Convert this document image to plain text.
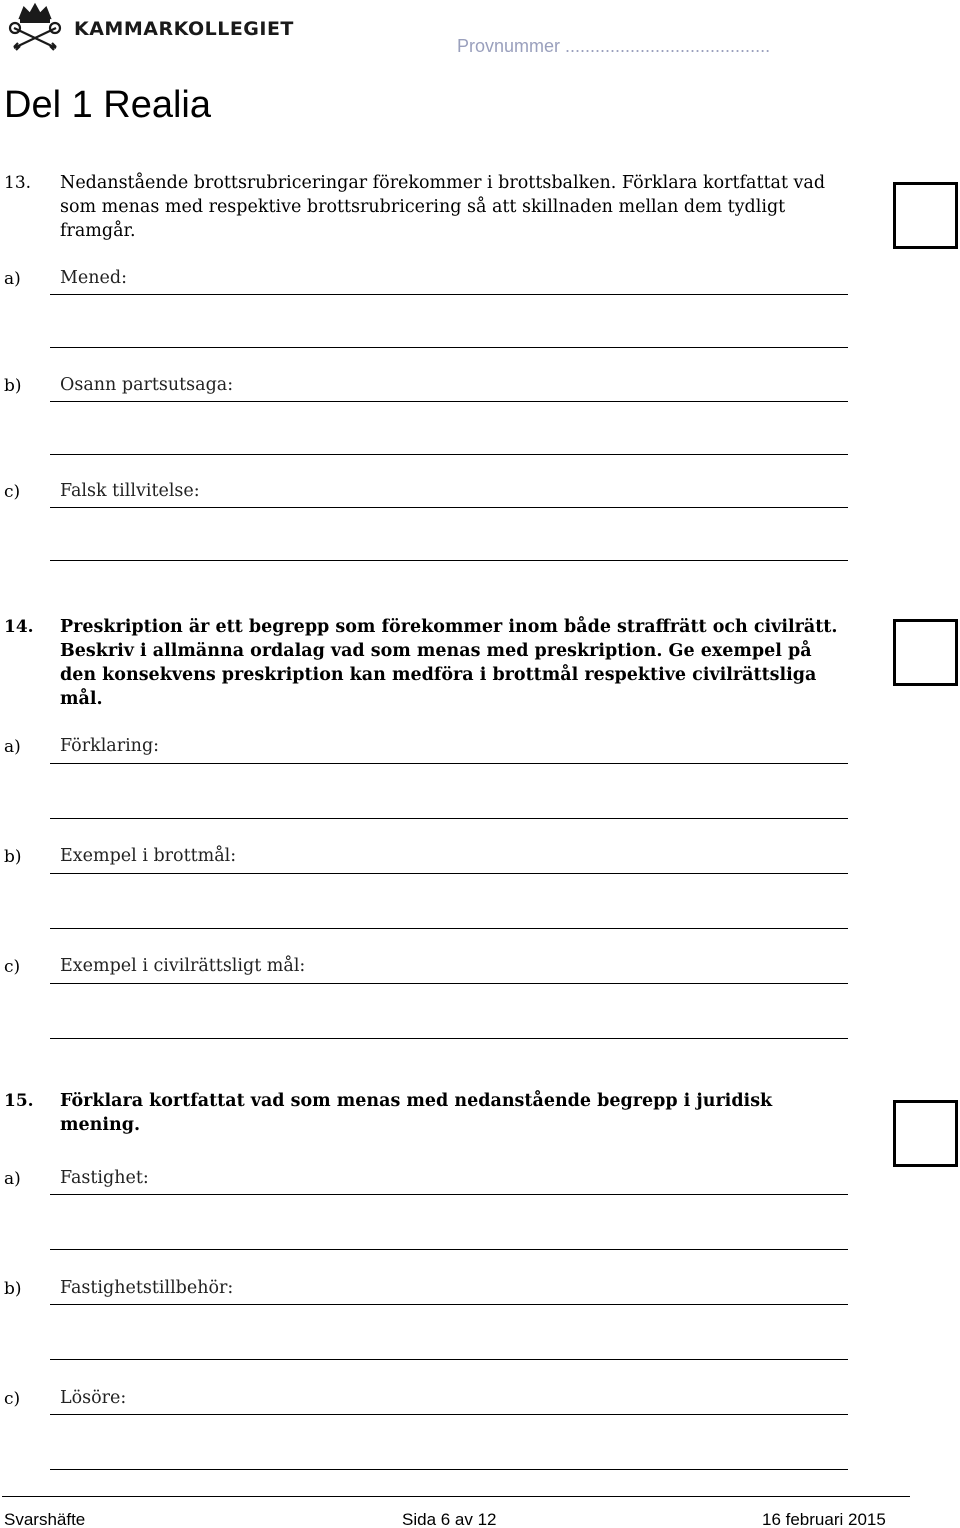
KAMMARKOLLEGIET
Provnummer .........................................
Del 1 Realia
13. Nedanstående brottsrubriceringar förekommer i brottsbalken. Förklara kortfattat vad som menas med respektive brottsrubricering så att skillnaden mellan dem tydligt framgår.
a) Mened:
b) Osann partsutsaga:
c) Falsk tillvitelse:
14. Preskription är ett begrepp som förekommer inom både straffrätt och civilrätt. Beskriv i allmänna ordalag vad som menas med preskription. Ge exempel på den konsekvens preskription kan medföra i brottmål respektive civilrättsliga mål.
a) Förklaring:
b) Exempel i brottmål:
c) Exempel i civilrättsligt mål:
15. Förklara kortfattat vad som menas med nedanstående begrepp i juridisk mening.
a) Fastighet:
b) Fastighetstillbehör:
c) Lösöre:
Svarshäfte	Sida 6 av 12	16 februari 2015
